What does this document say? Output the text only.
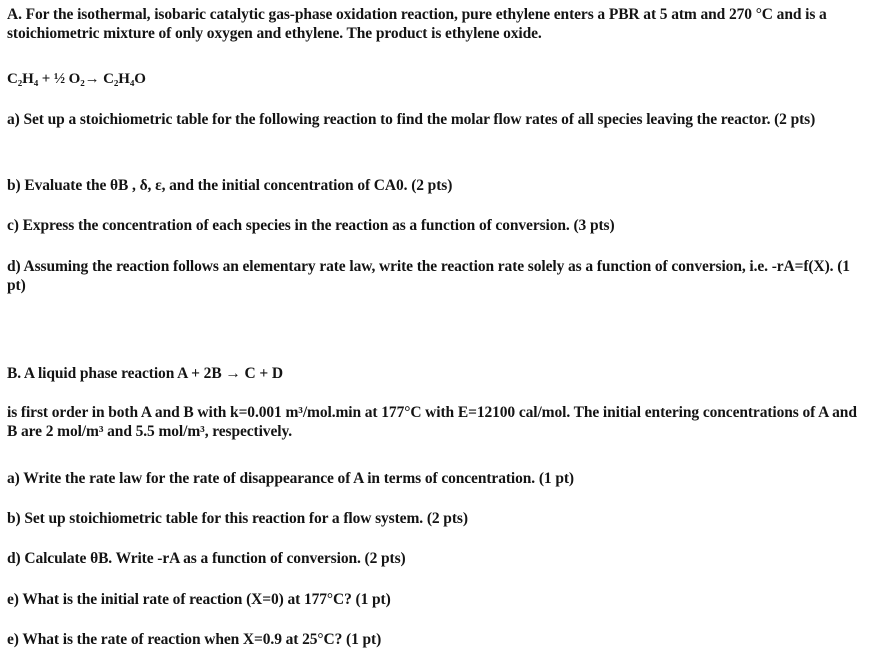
A. For the isothermal, isobaric catalytic gas-phase oxidation reaction, pure ethylene enters a PBR at 5 atm and 270 °C and is a stoichiometric mixture of only oxygen and ethylene. The product is ethylene oxide.
C₂H₄ + ½ O₂→ C₂H₄O
a) Set up a stoichiometric table for the following reaction to find the molar flow rates of all species leaving the reactor. (2 pts)
b) Evaluate the θB , δ, ε, and the initial concentration of CA0. (2 pts)
c) Express the concentration of each species in the reaction as a function of conversion. (3 pts)
d) Assuming the reaction follows an elementary rate law, write the reaction rate solely as a function of conversion, i.e. -rA=f(X). (1 pt)
B. A liquid phase reaction A + 2B → C + D
is first order in both A and B with k=0.001 m³/mol.min at 177°C with E=12100 cal/mol. The initial entering concentrations of A and B are 2 mol/m³ and 5.5 mol/m³, respectively.
a) Write the rate law for the rate of disappearance of A in terms of concentration. (1 pt)
b) Set up stoichiometric table for this reaction for a flow system. (2 pts)
d) Calculate θB. Write -rA as a function of conversion. (2 pts)
e) What is the initial rate of reaction (X=0) at 177°C? (1 pt)
e) What is the rate of reaction when X=0.9 at 25°C? (1 pt)
